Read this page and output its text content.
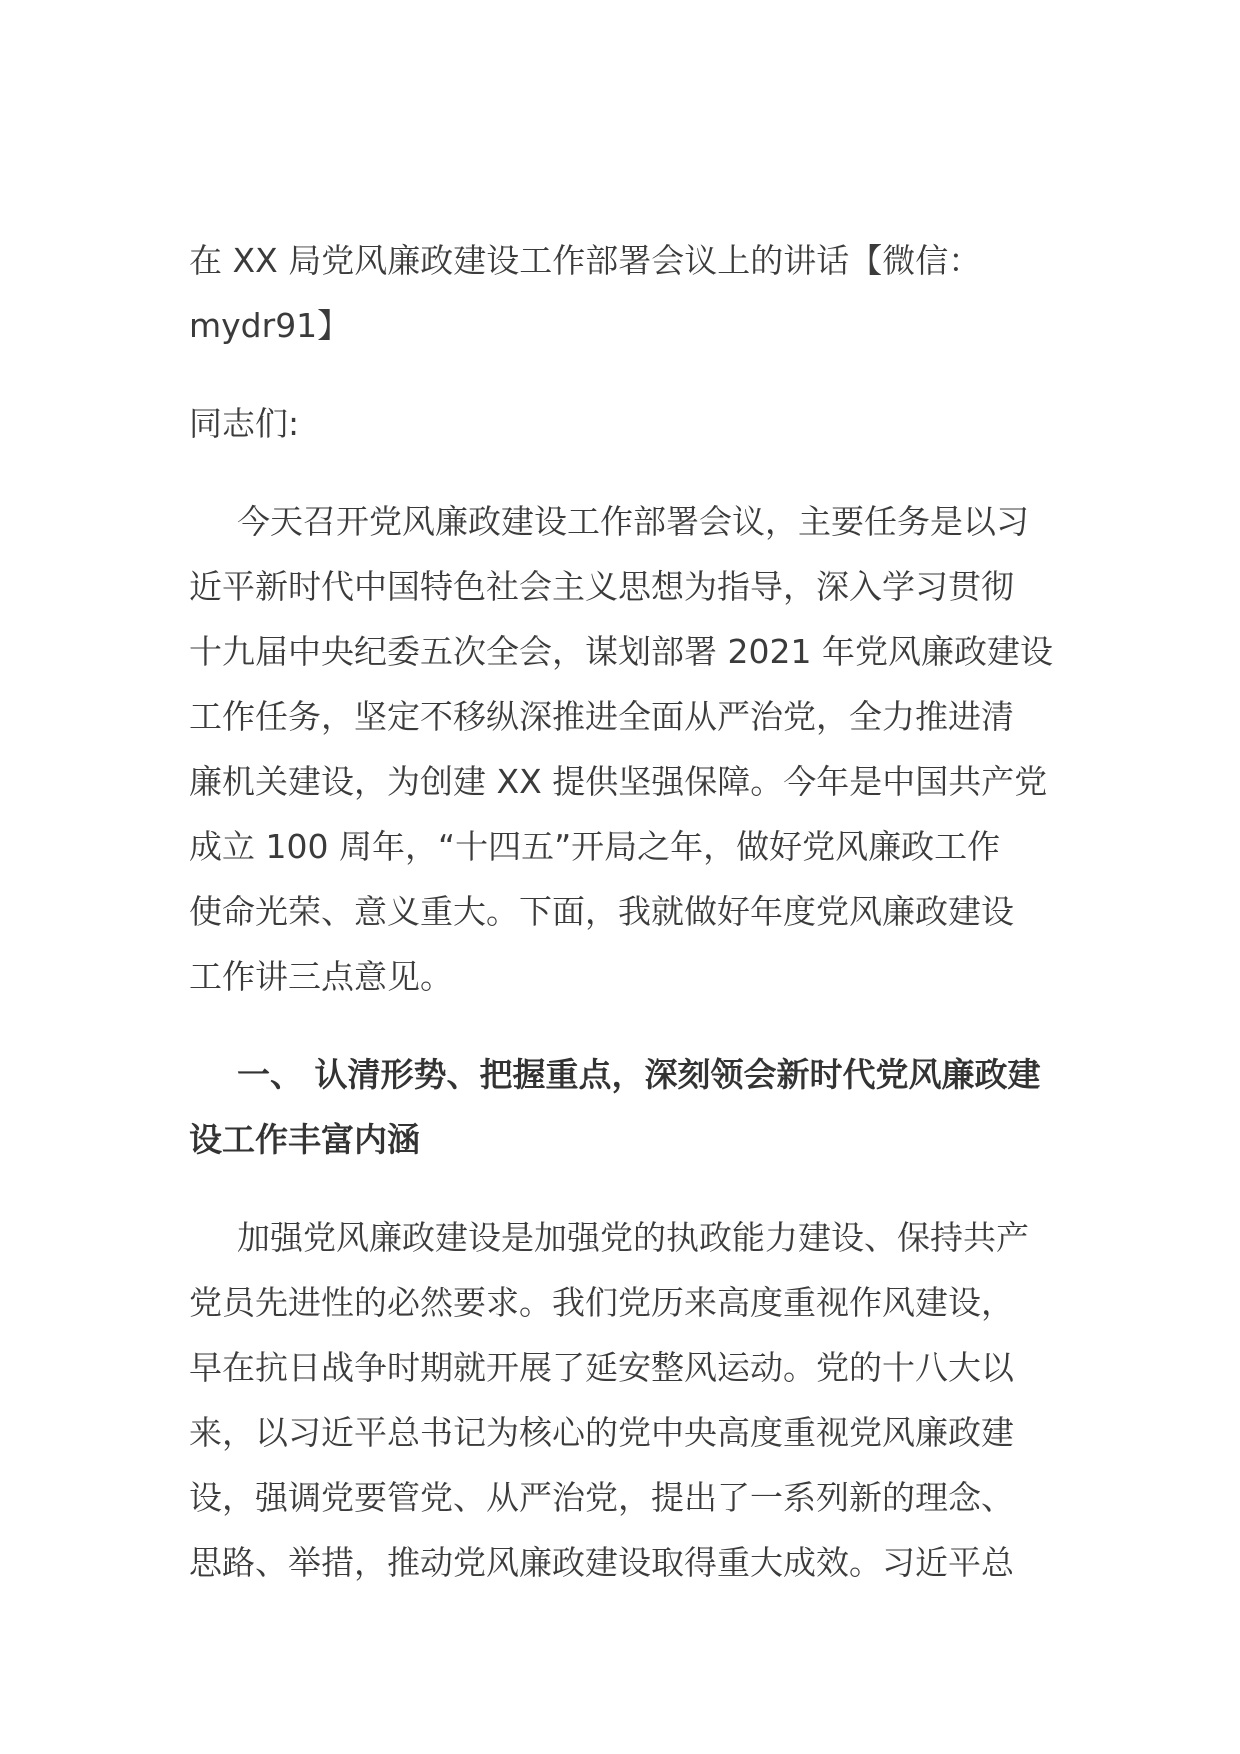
在 XX 局党风廉政建设工作部署会议上的讲话【微信：
mydr91】
同志们:
今天召开党风廉政建设工作部署会议，主要任务是以习
近平新时代中国特色社会主义思想为指导，深入学习贯彻
十九届中央纪委五次全会，谋划部署 2021 年党风廉政建设
工作任务，坚定不移纵深推进全面从严治党，全力推进清
廉机关建设，为创建 XX 提供坚强保障。今年是中国共产党
成立 100 周年，“十四五”开局之年，做好党风廉政工作
使命光荣、意义重大。下面，我就做好年度党风廉政建设
工作讲三点意见。
一、 认清形势、把握重点，深刻领会新时代党风廉政建
设工作丰富内涵
加强党风廉政建设是加强党的执政能力建设、保持共产
党员先进性的必然要求。我们党历来高度重视作风建设，
早在抗日战争时期就开展了延安整风运动。党的十八大以
来，以习近平总书记为核心的党中央高度重视党风廉政建
设，强调党要管党、从严治党，提出了一系列新的理念、
思路、举措，推动党风廉政建设取得重大成效。习近平总
